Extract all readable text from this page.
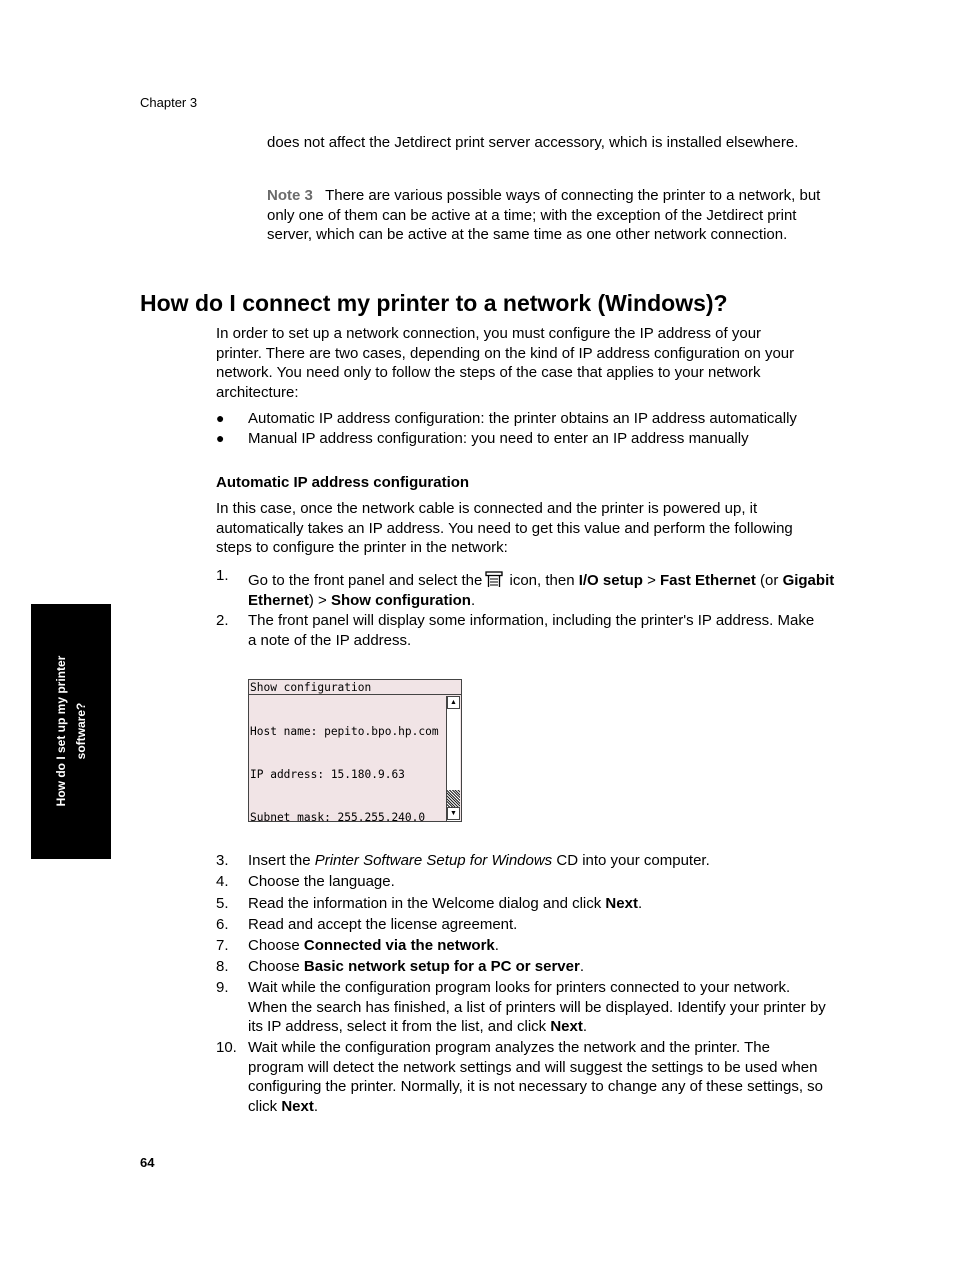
Chapter 3
does not affect the Jetdirect print server accessory, which is installed elsewhere.
Note 3 There are various possible ways of connecting the printer to a network, but only one of them can be active at a time; with the exception of the Jetdirect print server, which can be active at the same time as one other network connection.
How do I connect my printer to a network (Windows)?
In order to set up a network connection, you must configure the IP address of your printer. There are two cases, depending on the kind of IP address configuration on your network. You need only to follow the steps of the case that applies to your network architecture:
● Automatic IP address configuration: the printer obtains an IP address automatically
● Manual IP address configuration: you need to enter an IP address manually
Automatic IP address configuration
In this case, once the network cable is connected and the printer is powered up, it automatically takes an IP address. You need to get this value and perform the following steps to configure the printer in the network:
1. Go to the front panel and select the icon, then I/O setup > Fast Ethernet (or Gigabit Ethernet) > Show configuration.
2. The front panel will display some information, including the printer's IP address. Make a note of the IP address.
Show configuration

Host name: pepito.bpo.hp.com

IP address: 15.180.9.63

Subnet mask: 255.255.240.0

▲
▼
3. Insert the Printer Software Setup for Windows CD into your computer.
4. Choose the language.
5. Read the information in the Welcome dialog and click Next.
6. Read and accept the license agreement.
7. Choose Connected via the network.
8. Choose Basic network setup for a PC or server.
9. Wait while the configuration program looks for printers connected to your network. When the search has finished, a list of printers will be displayed. Identify your printer by its IP address, select it from the list, and click Next.
10. Wait while the configuration program analyzes the network and the printer. The program will detect the network settings and will suggest the settings to be used when configuring the printer. Normally, it is not necessary to change any of these settings, so click Next.
How do I set up my printer software?
64
